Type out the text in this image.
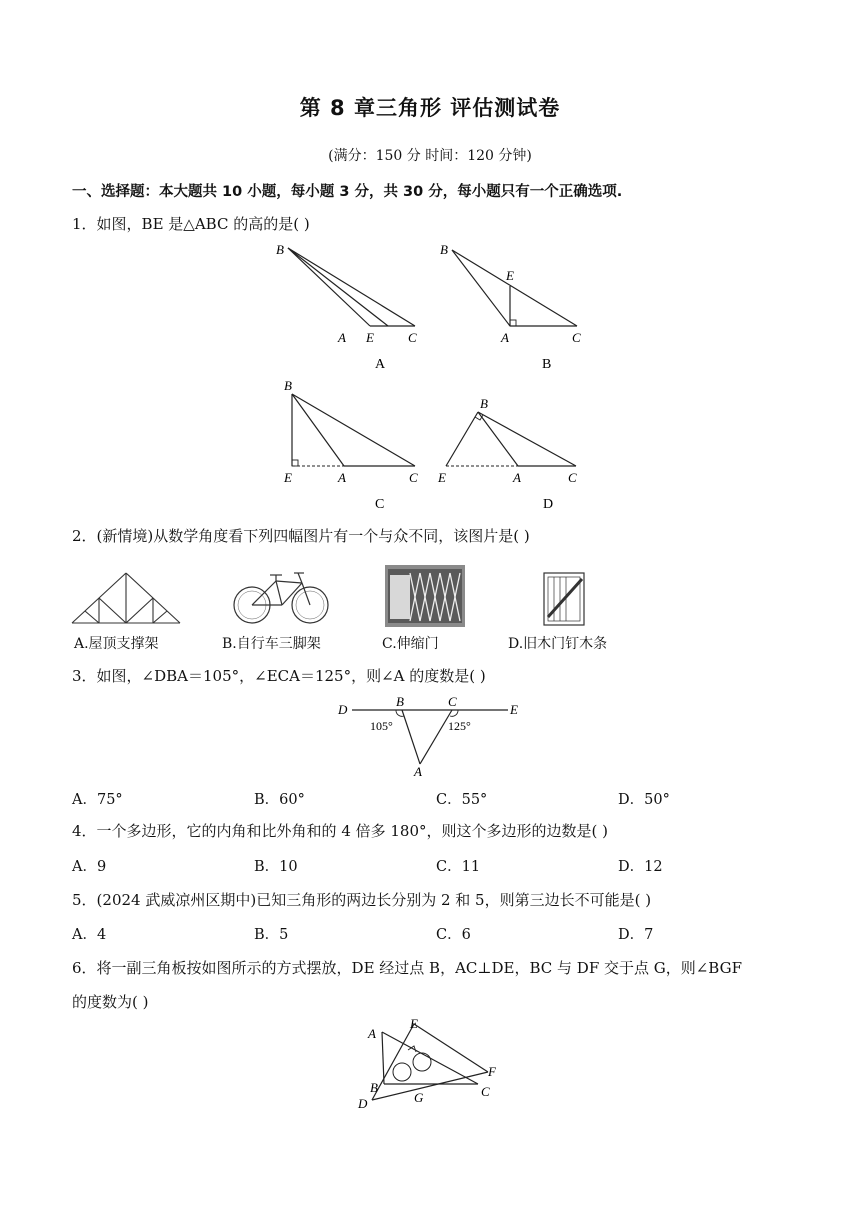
第 8 章三角形 评估测试卷
(满分：150 分 时间：120 分钟)
一、选择题：本大题共 10 小题，每小题 3 分，共 30 分，每小题只有一个正确选项.
1．如图，BE 是△ABC 的高的是( )
B
A E	C
A
B
E
A	C
B
B
E	A	C
C
B
E	A	C
D
2．(新情境)从数学角度看下列四幅图片有一个与众不同，该图片是( )
A.屋顶支撑架	B.自行车三脚架	C.伸缩门	D.旧木门钉木条
3．如图，∠DBA＝105°，∠ECA＝125°，则∠A 的度数是( )
D
B	C
E
A
105°	125°
A．75°	B．60°	C．55°	D．50°
4．一个多边形，它的内角和比外角和的 4 倍多 180°，则这个多边形的边数是( )
A．9	B．10	C．11	D．12
5．(2024 武威凉州区期中)已知三角形的两边长分别为 2 和 5，则第三边长不可能是( )
A．4	B．5	C．6	D．7
6．将一副三角板按如图所示的方式摆放，DE 经过点 B，AC⊥DE，BC 与 DF 交于点 G，则∠BGF
的度数为( )
A
E
F
B	C
D	G
